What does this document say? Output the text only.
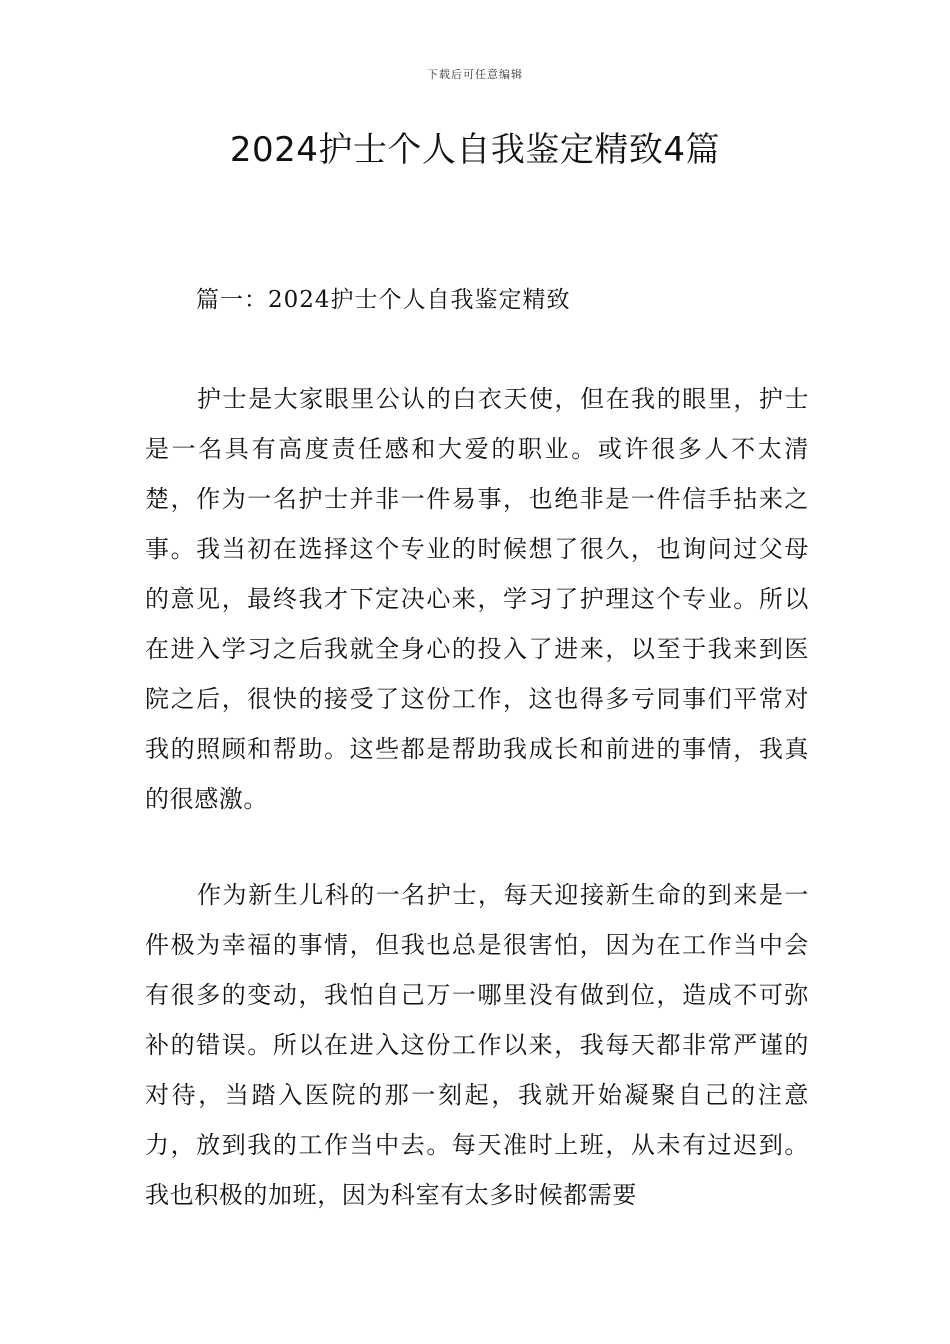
下载后可任意编辑
2024护士个人自我鉴定精致4篇
篇一：2024护士个人自我鉴定精致

护士是大家眼里公认的白衣天使，但在我的眼里，护士是一名具有高度责任感和大爱的职业。或许很多人不太清楚，作为一名护士并非一件易事，也绝非是一件信手拈来之事。我当初在选择这个专业的时候想了很久，也询问过父母的意见，最终我才下定决心来，学习了护理这个专业。所以在进入学习之后我就全身心的投入了进来，以至于我来到医院之后，很快的接受了这份工作，这也得多亏同事们平常对我的照顾和帮助。这些都是帮助我成长和前进的事情，我真的很感激。

作为新生儿科的一名护士，每天迎接新生命的到来是一件极为幸福的事情，但我也总是很害怕，因为在工作当中会有很多的变动，我怕自己万一哪里没有做到位，造成不可弥补的错误。所以在进入这份工作以来，我每天都非常严谨的对待，当踏入医院的那一刻起，我就开始凝聚自己的注意力，放到我的工作当中去。每天准时上班，从未有过迟到。我也积极的加班，因为科室有太多时候都需要
